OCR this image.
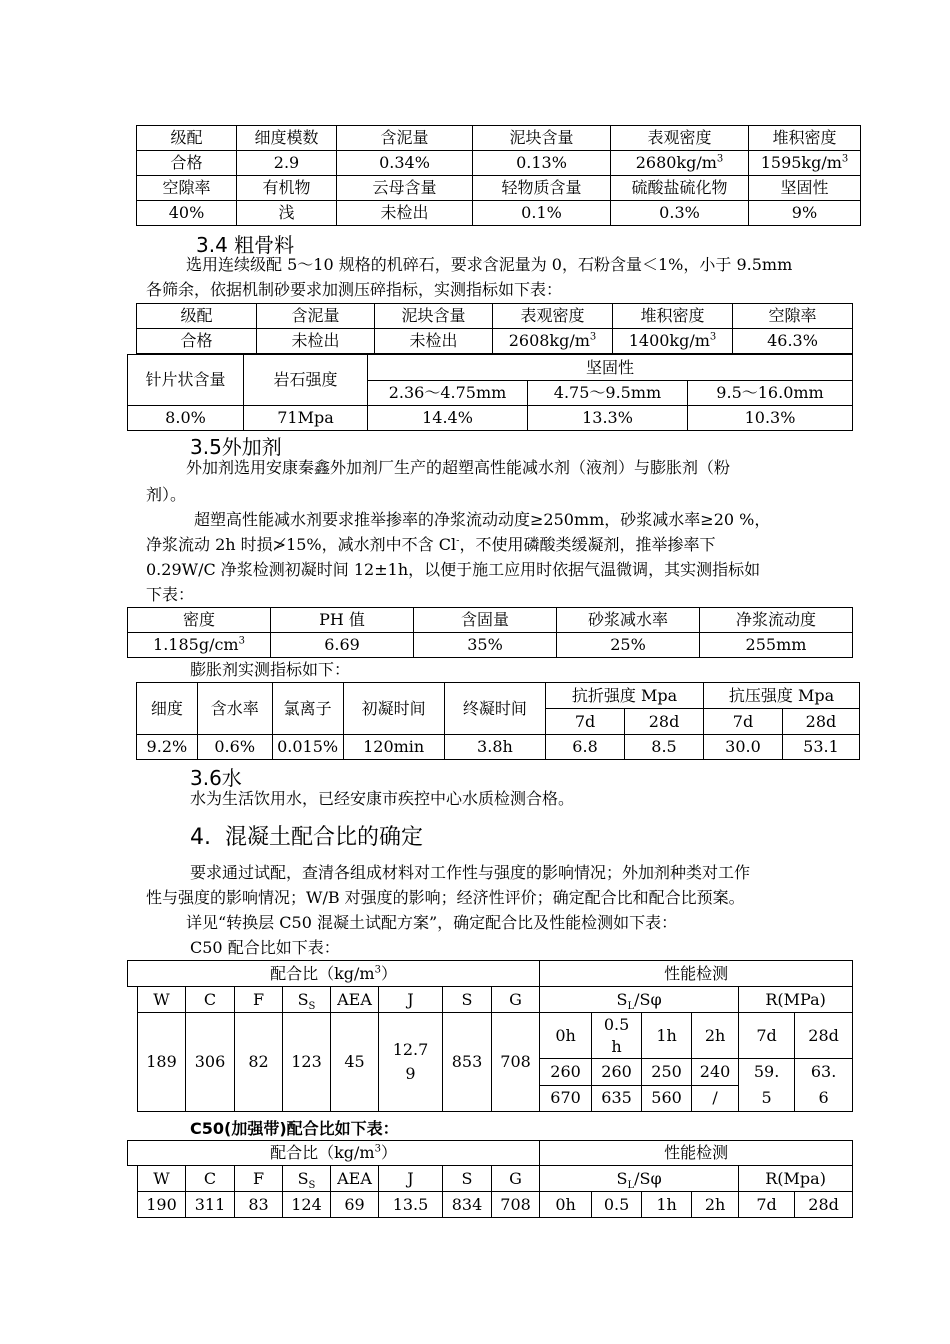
级配	细度模数	含泥量	泥块含量	表观密度	堆积密度
合格	2.9	0.34%	0.13%	$2680kg/m^3$	$1595kg/m^3$
空隙率	有机物	云母含量	轻物质含量	硫酸盐硫化物	坚固性
40%	浅	未检出	0.1%	0.3%	9%
3.4 粗骨料
选用连续级配 5～10 规格的机碎石，要求含泥量为 0，石粉含量＜1%，小于 9.5mm
各筛余，依据机制砂要求加测压碎指标，实测指标如下表：
级配	含泥量	泥块含量	表观密度	堆积密度	空隙率
合格	未检出	未检出	$2608kg/m^3$	$1400kg/m^3$	46.3%
针片状含量	岩石强度	坚固性		
		2.36～4.75mm	4.75～9.5mm	9.5～16.0mm
8.0%	71Mpa	14.4%	13.3%	10.3%
3.5外加剂
外加剂选用安康秦鑫外加剂厂生产的超塑高性能减水剂（液剂）与膨胀剂（粉
剂）。
超塑高性能减水剂要求推举掺率的净浆流动动度≥250mm，砂浆减水率≥20 %，
净浆流动 2h 时损≯15%，减水剂中不含 Cl-，不使用磷酸类缓凝剂，推举掺率下
0.29W/C 净浆检测初凝时间 12±1h，以便于施工应用时依据气温微调，其实测指标如
下表：
密度	PH 值	含固量	砂浆减水率	净浆流动度
$1.185g/cm^3$	6.69	35%	25%	255mm
膨胀剂实测指标如下：
细度	含水率	氯离子	初凝时间	终凝时间	抗折强度 Mpa		抗压强度 Mpa	
					7d	28d	7d	28d
9.2%	0.6%	0.015%	120min	3.8h	6.8	8.5	30.0	53.1
3.6水
水为生活饮用水，已经安康市疾控中心水质检测合格。
4.  混凝土配合比的确定
要求通过试配，查清各组成材料对工作性与强度的影响情况；外加剂种类对工作
性与强度的影响情况；W/B 对强度的影响；经济性评价；确定配合比和配合比预案。
详见“转换层 C50 混凝土试配方案”，确定配合比及性能检测如下表：
C50 配合比如下表：
配合比$(kg/m^3)$									性能检测					
	W	C	F	$S_S$	AEA	J	S	G	$S_L/S\varphi$				R(MPa)	
	189	306	82	123	45	12.7 9	853	708	0h	0.5 h	1h	2h	7d	28d
									260	260	250	240	59. 5	63. 6
									670	635	560	/		
C50(加强带)配合比如下表：
配合比$(kg/m^3)$									性能检测					
	W	C	F	$S_S$	AEA	J	S	G	$S_L/S\varphi$				R(Mpa)	
	190	311	83	124	69	13.5	834	708	0h	0.5	1h	2h	7d	28d
